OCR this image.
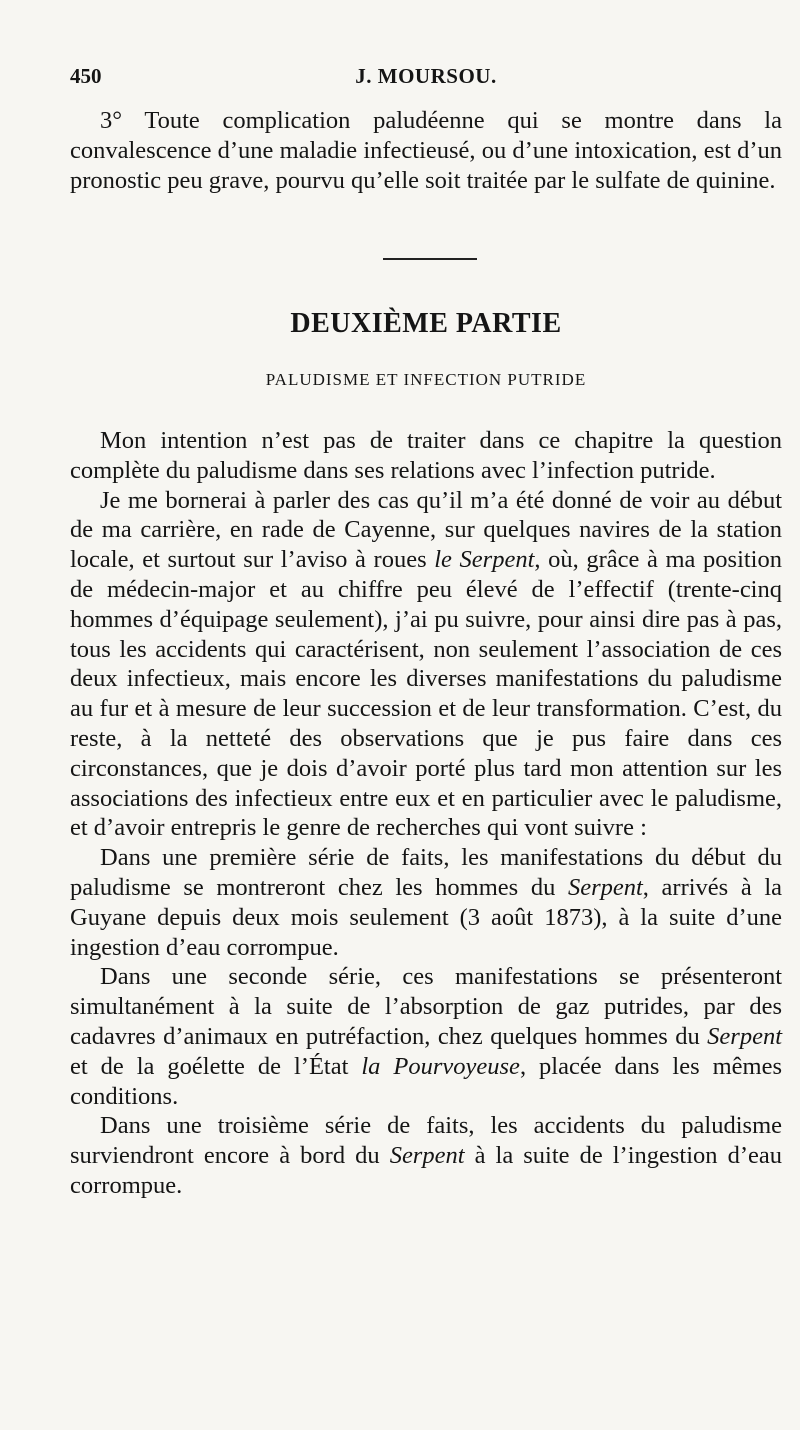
450	J. MOURSOU.

3° Toute complication paludéenne qui se montre dans la convalescence d’une maladie infectieusé, ou d’une intoxication, est d’un pronostic peu grave, pourvu qu’elle soit traitée par le sulfate de quinine.

DEUXIÈME PARTIE
PALUDISME ET INFECTION PUTRIDE

Mon intention n’est pas de traiter dans ce chapitre la question complète du paludisme dans ses relations avec l’infection putride.

Je me bornerai à parler des cas qu’il m’a été donné de voir au début de ma carrière, en rade de Cayenne, sur quelques navires de la station locale, et surtout sur l’aviso à roues le Serpent, où, grâce à ma position de médecin-major et au chiffre peu élevé de l’effectif (trente-cinq hommes d’équipage seulement), j’ai pu suivre, pour ainsi dire pas à pas, tous les accidents qui caractérisent, non seulement l’association de ces deux infectieux, mais encore les diverses manifestations du paludisme au fur et à mesure de leur succession et de leur transformation. C’est, du reste, à la netteté des observations que je pus faire dans ces circonstances, que je dois d’avoir porté plus tard mon attention sur les associations des infectieux entre eux et en particulier avec le paludisme, et d’avoir entrepris le genre de recherches qui vont suivre :

Dans une première série de faits, les manifestations du début du paludisme se montreront chez les hommes du Serpent, arrivés à la Guyane depuis deux mois seulement (3 août 1873), à la suite d’une ingestion d’eau corrompue.

Dans une seconde série, ces manifestations se présenteront simultanément à la suite de l’absorption de gaz putrides, par des cadavres d’animaux en putréfaction, chez quelques hommes du Serpent et de la goélette de l’État la Pourvoyeuse, placée dans les mêmes conditions.

Dans une troisième série de faits, les accidents du paludisme surviendront encore à bord du Serpent à la suite de l’ingestion d’eau corrompue.
